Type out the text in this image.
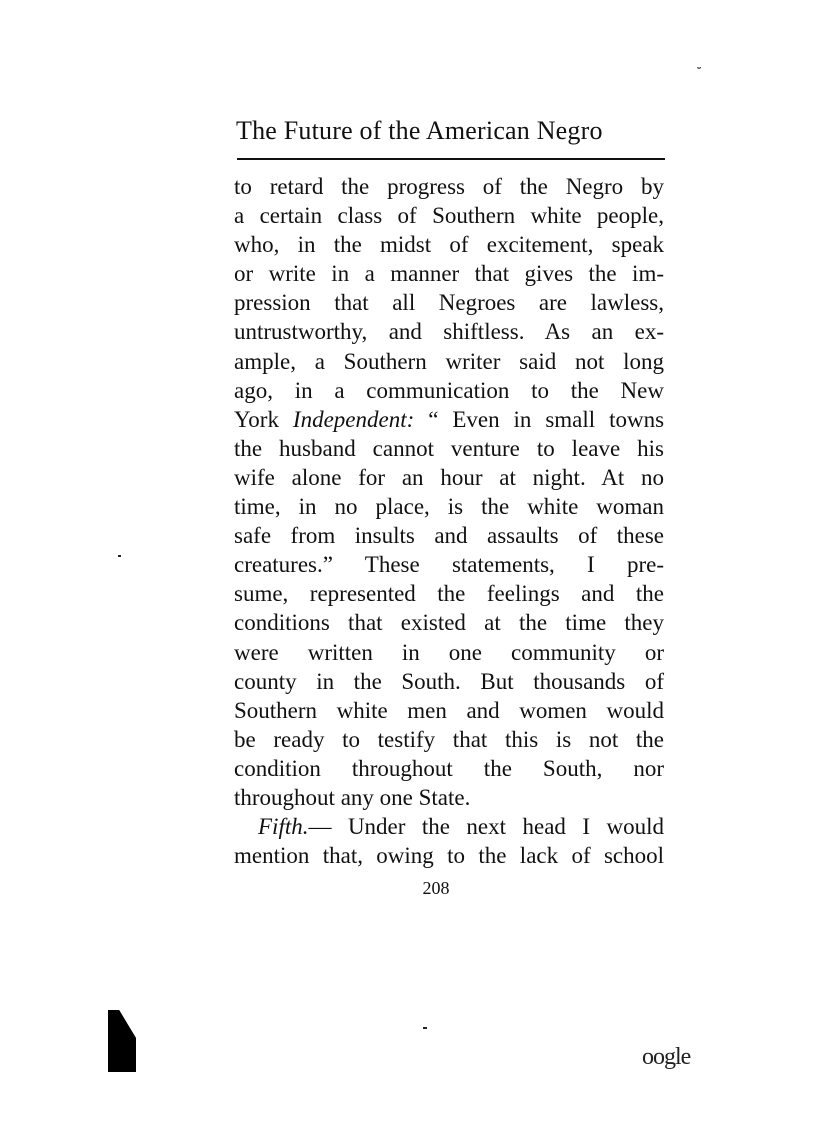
ᵕ
The Future of the American Negro
to retard the progress of the Negro by
a certain class of Southern white people,
who, in the midst of excitement, speak
or write in a manner that gives the im-
pression that all Negroes are lawless,
untrustworthy, and shiftless. As an ex-
ample, a Southern writer said not long
ago, in a communication to the New
York Independent: “ Even in small towns
the husband cannot venture to leave his
wife alone for an hour at night. At no
time, in no place, is the white woman
safe from insults and assaults of these
creatures.” These statements, I pre-
sume, represented the feelings and the
conditions that existed at the time they
were written in one community or
county in the South. But thousands of
Southern white men and women would
be ready to testify that this is not the
condition throughout the South, nor
throughout any one State.
Fifth.— Under the next head I would
mention that, owing to the lack of school
208
oogle
